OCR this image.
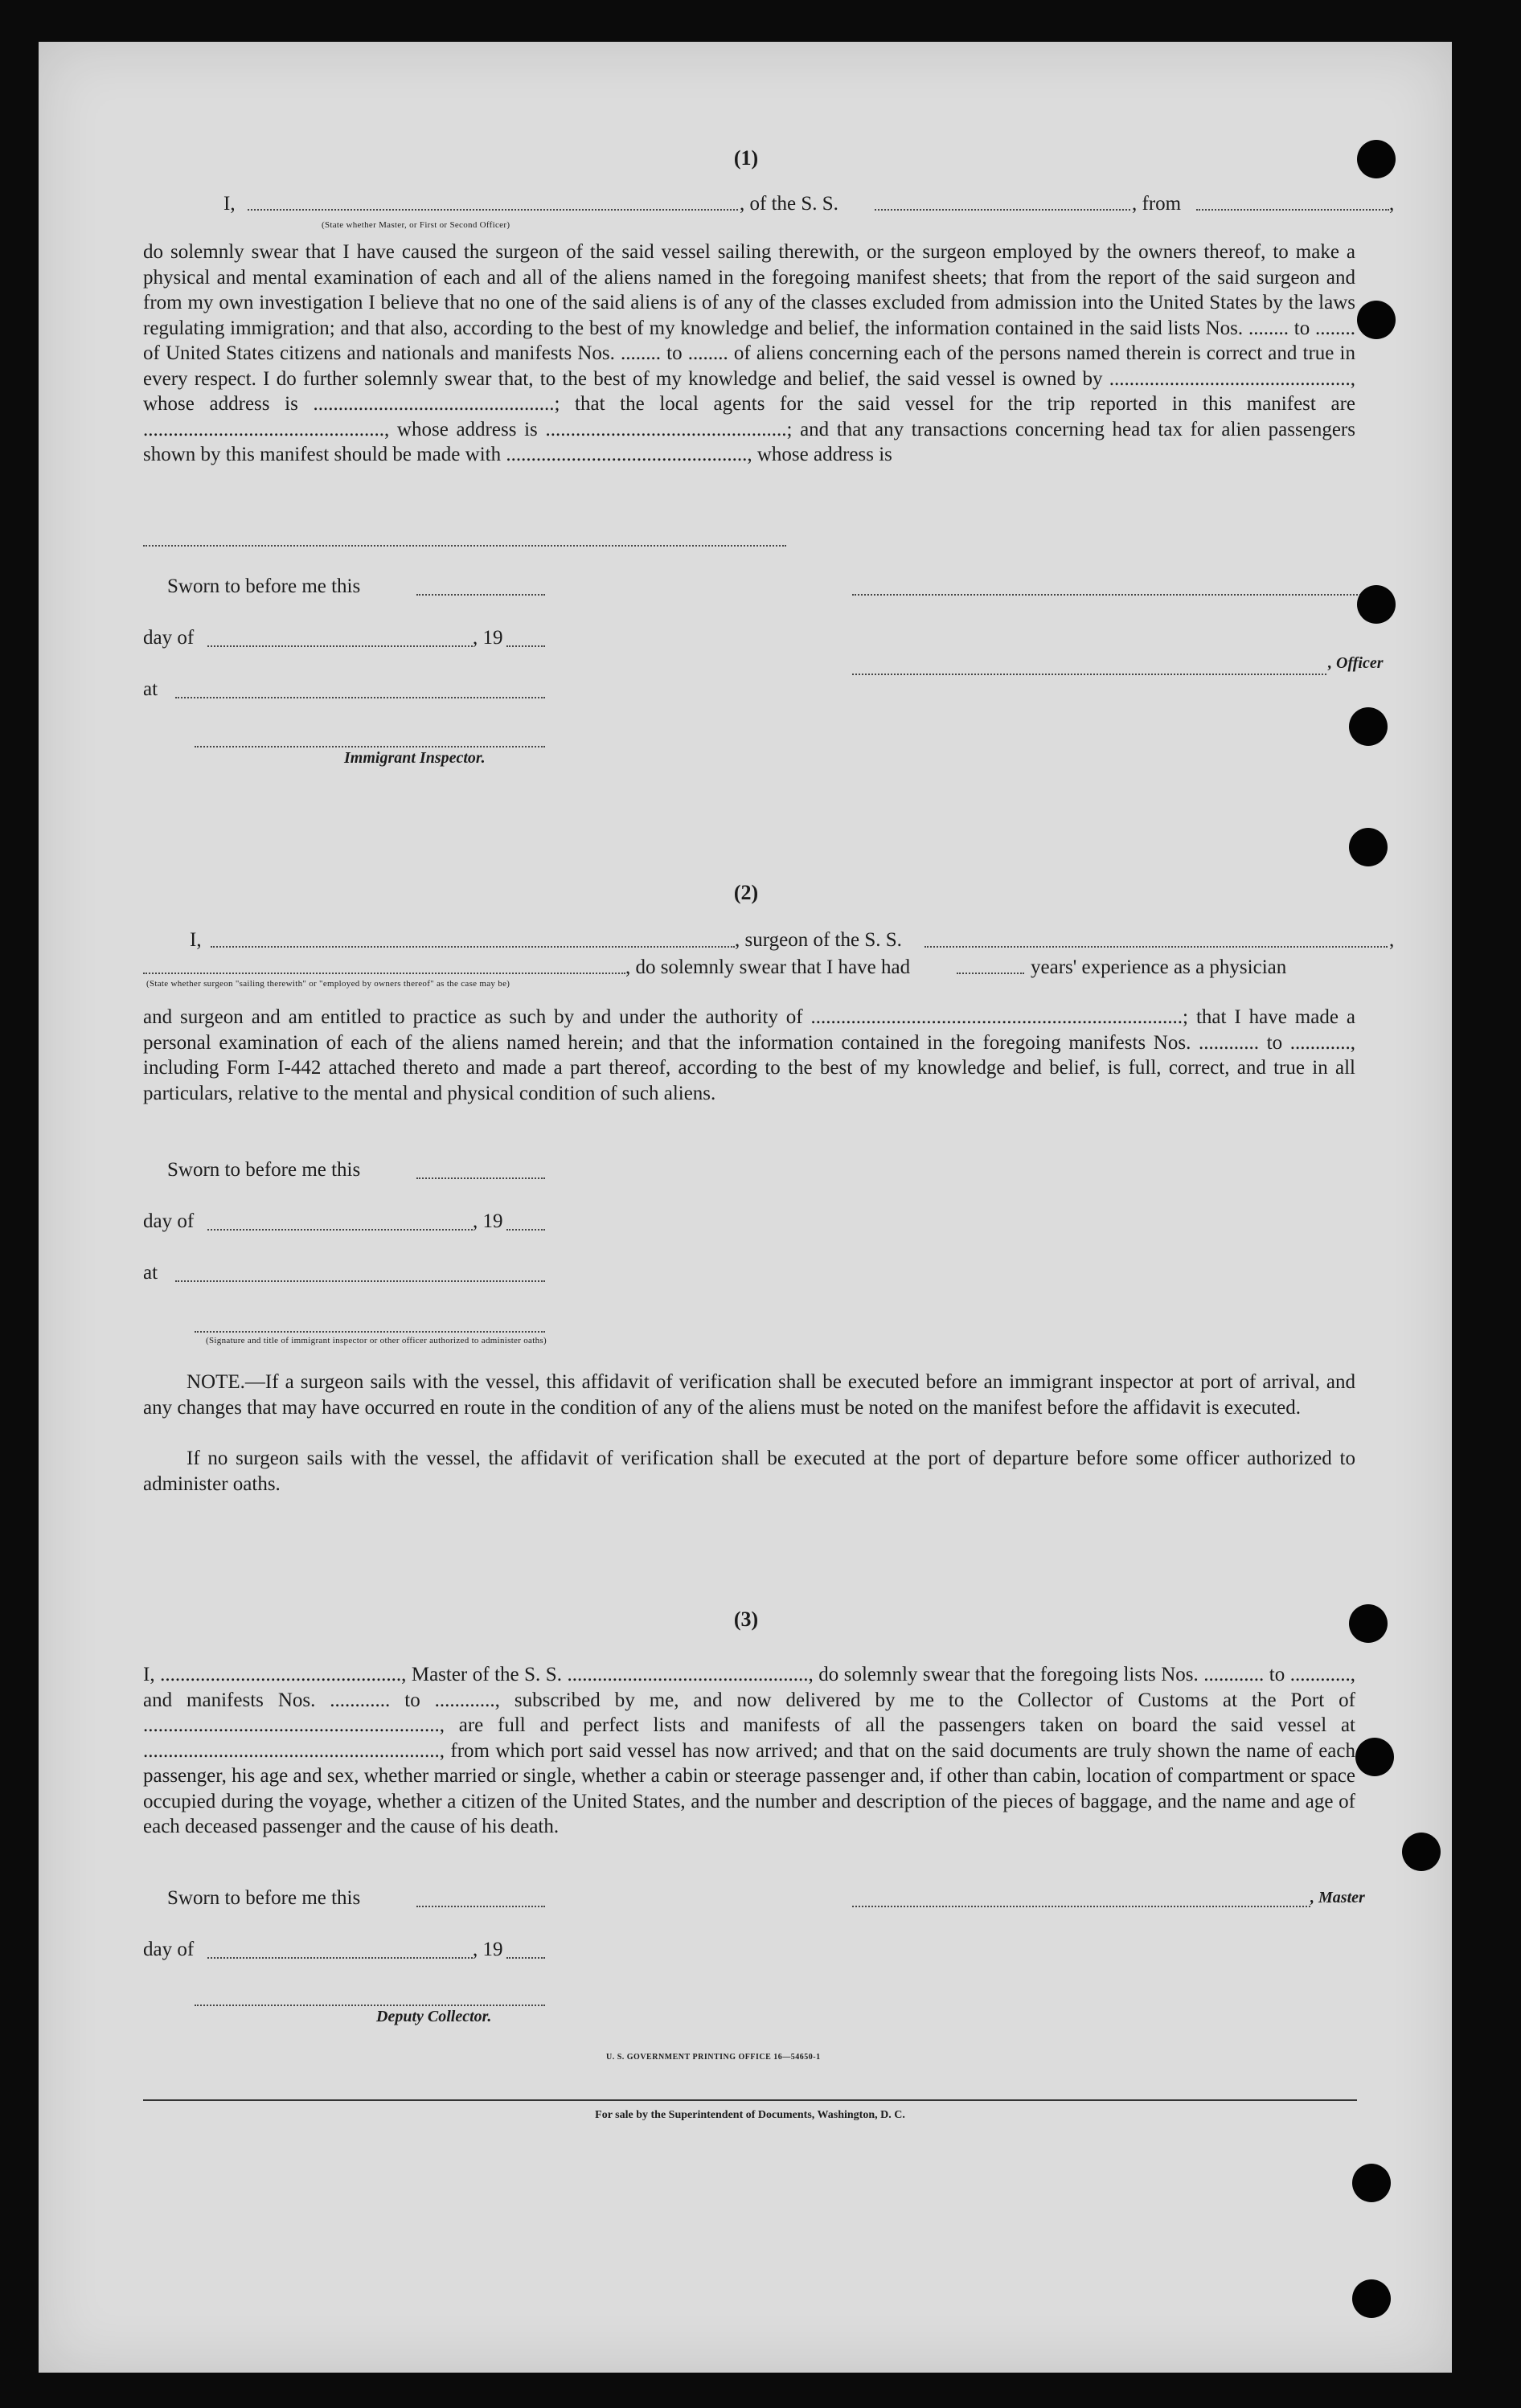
(1)
I,	, of the S. S.	, from	,
(State whether Master, or First or Second Officer)
do solemnly swear that I have caused the surgeon of the said vessel sailing therewith, or the surgeon employed by the owners thereof, to make a physical and mental examination of each and all of the aliens named in the foregoing manifest sheets; that from the report of the said surgeon and from my own investigation I believe that no one of the said aliens is of any of the classes excluded from admission into the United States by the laws regulating immigration; and that also, according to the best of my knowledge and belief, the information contained in the said lists Nos. ........ to ........ of United States citizens and nationals and manifests Nos. ........ to ........ of aliens concerning each of the persons named therein is correct and true in every respect. I do further solemnly swear that, to the best of my knowledge and belief, the said vessel is owned by ................................................, whose address is ................................................; that the local agents for the said vessel for the trip reported in this manifest are ................................................, whose address is ................................................; and that any transactions concerning head tax for alien passengers shown by this manifest should be made with ................................................, whose address is
Sworn to before me this
day of	, 19
, Officer
at
Immigrant Inspector.
(2)
I,	, surgeon of the S. S.	,
, do solemnly swear that I have had	years' experience as a physician
(State whether surgeon "sailing therewith" or "employed by owners thereof" as the case may be)
and surgeon and am entitled to practice as such by and under the authority of ..........................................................................; that I have made a personal examination of each of the aliens named herein; and that the information contained in the foregoing manifests Nos. ............ to ............, including Form I-442 attached thereto and made a part thereof, according to the best of my knowledge and belief, is full, correct, and true in all particulars, relative to the mental and physical condition of such aliens.
Sworn to before me this
day of	, 19
at
(Signature and title of immigrant inspector or other officer authorized to administer oaths)
NOTE.—If a surgeon sails with the vessel, this affidavit of verification shall be executed before an immigrant inspector at port of arrival, and any changes that may have occurred en route in the condition of any of the aliens must be noted on the manifest before the affidavit is executed.
If no surgeon sails with the vessel, the affidavit of verification shall be executed at the port of departure before some officer authorized to administer oaths.
(3)
I, ................................................, Master of the S. S. ................................................, do solemnly swear that the foregoing lists Nos. ............ to ............, and manifests Nos. ............ to ............, subscribed by me, and now delivered by me to the Collector of Customs at the Port of ..........................................................., are full and perfect lists and manifests of all the passengers taken on board the said vessel at ..........................................................., from which port said vessel has now arrived; and that on the said documents are truly shown the name of each passenger, his age and sex, whether married or single, whether a cabin or steerage passenger and, if other than cabin, location of compartment or space occupied during the voyage, whether a citizen of the United States, and the number and description of the pieces of baggage, and the name and age of each deceased passenger and the cause of his death.
Sworn to before me this	, Master
day of	, 19
Deputy Collector.
U. S. GOVERNMENT PRINTING OFFICE 16—54650-1
For sale by the Superintendent of Documents, Washington, D. C.
